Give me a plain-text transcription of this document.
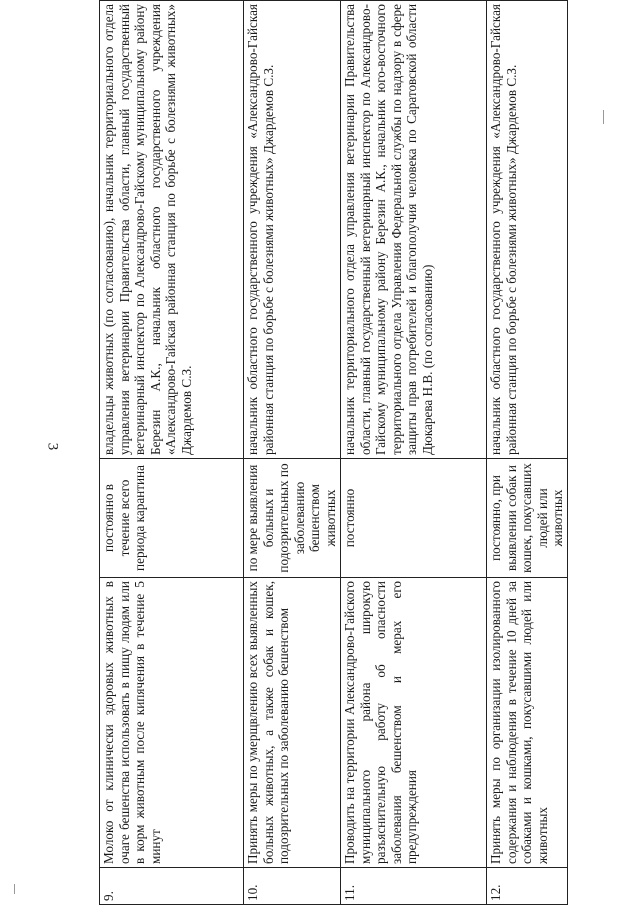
3
9.	Молоко от клинически здоровых животных в очаге бешенства использовать в пищу людям или в корм животным после кипячения в течение 5 минут	постоянно в течение всего периода карантина	владельцы животных (по согласованию), начальник территориального отдела управления ветеринарии Правительства области, главный государственный ветеринарный инспектор по Александрово-Гайскому муниципальному району Березин А.К., начальник областного государственного учреждения «Александрово-Гайская районная станция по борьбе с болезнями животных» Джардемов С.З.
10.	Принять меры по умерщвлению всех выявленных больных животных, а также собак и кошек, подозрительных по заболеванию бешенством	по мере выявления больных и подозрительных по заболеванию бешенством животных	начальник областного государственного учреждения «Александрово-Гайская районная станция по борьбе с болезнями животных» Джардемов С.З.
11.	Проводить на территории Александрово-Гайского муниципального района широкую разъяснительную работу об опасности заболевания бешенством и мерах его предупреждения	постоянно	начальник территориального отдела управления ветеринарии Правительства области, главный государственный ветеринарный инспектор по Александрово-Гайскому муниципальному району Березин А.К., начальник юго-восточного территориального отдела Управления Федеральной службы по надзору в сфере защиты прав потребителей и благополучия человека по Саратовской области Дюкарева Н.В. (по согласованию)
12.	Принять меры по организации изолированного содержания и наблюдения в течение 10 дней за собаками и кошками, покусавшими людей или животных	постоянно, при выявлении собак и кошек, покусавших людей или животных	начальник областного государственного учреждения «Александрово-Гайская районная станция по борьбе с болезнями животных» Джардемов С.З.
